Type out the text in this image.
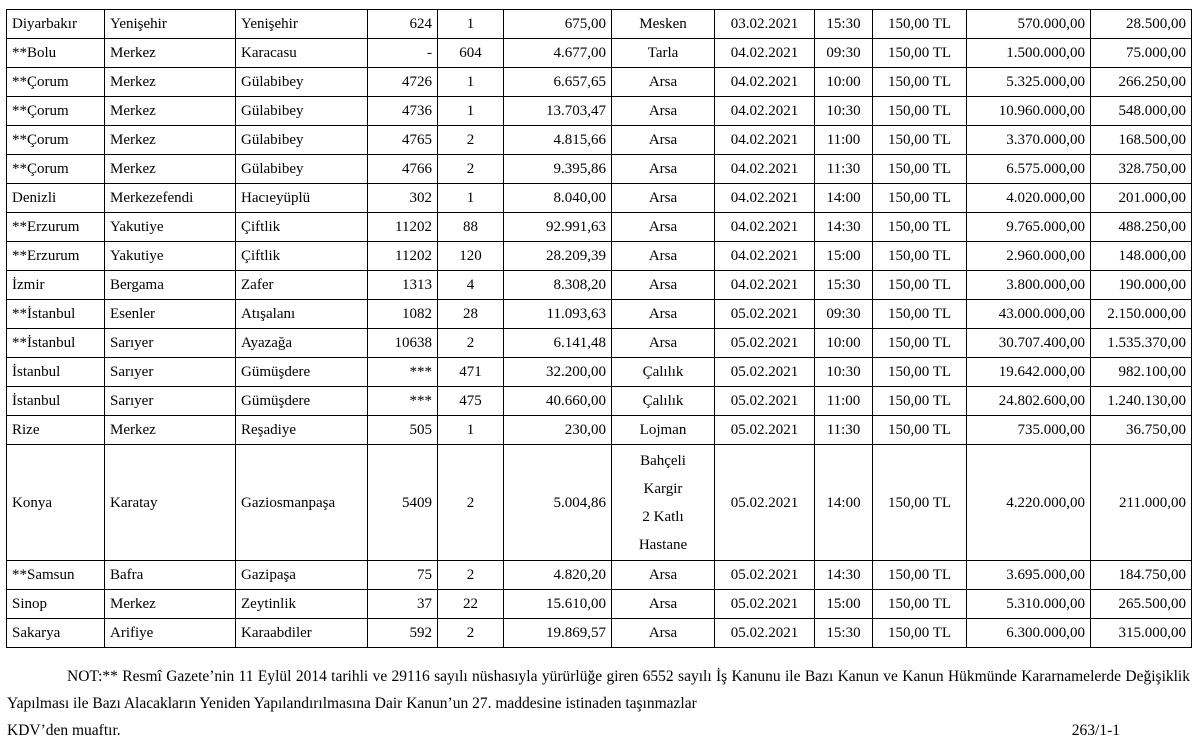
Diyarbakır	Yenişehir	Yenişehir	624	1	675,00	Mesken	03.02.2021	15:30	150,00 TL	570.000,00	28.500,00
**Bolu	Merkez	Karacasu	-	604	4.677,00	Tarla	04.02.2021	09:30	150,00 TL	1.500.000,00	75.000,00
**Çorum	Merkez	Gülabibey	4726	1	6.657,65	Arsa	04.02.2021	10:00	150,00 TL	5.325.000,00	266.250,00
**Çorum	Merkez	Gülabibey	4736	1	13.703,47	Arsa	04.02.2021	10:30	150,00 TL	10.960.000,00	548.000,00
**Çorum	Merkez	Gülabibey	4765	2	4.815,66	Arsa	04.02.2021	11:00	150,00 TL	3.370.000,00	168.500,00
**Çorum	Merkez	Gülabibey	4766	2	9.395,86	Arsa	04.02.2021	11:30	150,00 TL	6.575.000,00	328.750,00
Denizli	Merkezefendi	Hacıeyüplü	302	1	8.040,00	Arsa	04.02.2021	14:00	150,00 TL	4.020.000,00	201.000,00
**Erzurum	Yakutiye	Çiftlik	11202	88	92.991,63	Arsa	04.02.2021	14:30	150,00 TL	9.765.000,00	488.250,00
**Erzurum	Yakutiye	Çiftlik	11202	120	28.209,39	Arsa	04.02.2021	15:00	150,00 TL	2.960.000,00	148.000,00
İzmir	Bergama	Zafer	1313	4	8.308,20	Arsa	04.02.2021	15:30	150,00 TL	3.800.000,00	190.000,00
**İstanbul	Esenler	Atışalanı	1082	28	11.093,63	Arsa	05.02.2021	09:30	150,00 TL	43.000.000,00	2.150.000,00
**İstanbul	Sarıyer	Ayazağa	10638	2	6.141,48	Arsa	05.02.2021	10:00	150,00 TL	30.707.400,00	1.535.370,00
İstanbul	Sarıyer	Gümüşdere	***	471	32.200,00	Çalılık	05.02.2021	10:30	150,00 TL	19.642.000,00	982.100,00
İstanbul	Sarıyer	Gümüşdere	***	475	40.660,00	Çalılık	05.02.2021	11:00	150,00 TL	24.802.600,00	1.240.130,00
Rize	Merkez	Reşadiye	505	1	230,00	Lojman	05.02.2021	11:30	150,00 TL	735.000,00	36.750,00
Konya	Karatay	Gaziosmanpaşa	5409	2	5.004,86	Bahçeli
Kargir
2 Katlı
Hastane	05.02.2021	14:00	150,00 TL	4.220.000,00	211.000,00
**Samsun	Bafra	Gazipaşa	75	2	4.820,20	Arsa	05.02.2021	14:30	150,00 TL	3.695.000,00	184.750,00
Sinop	Merkez	Zeytinlik	37	22	15.610,00	Arsa	05.02.2021	15:00	150,00 TL	5.310.000,00	265.500,00
Sakarya	Arifiye	Karaabdiler	592	2	19.869,57	Arsa	05.02.2021	15:30	150,00 TL	6.300.000,00	315.000,00

NOT:** Resmî Gazete’nin 11 Eylül 2014 tarihli ve 29116 sayılı nüshasıyla yürürlüğe giren 6552 sayılı İş Kanunu ile Bazı Kanun ve Kanun Hükmünde Kararnamelerde Değişiklik Yapılması ile Bazı Alacakların Yeniden Yapılandırılmasına Dair Kanun’un 27. maddesine istinaden taşınmazlar

KDV’den muaftır.	263/1-1
